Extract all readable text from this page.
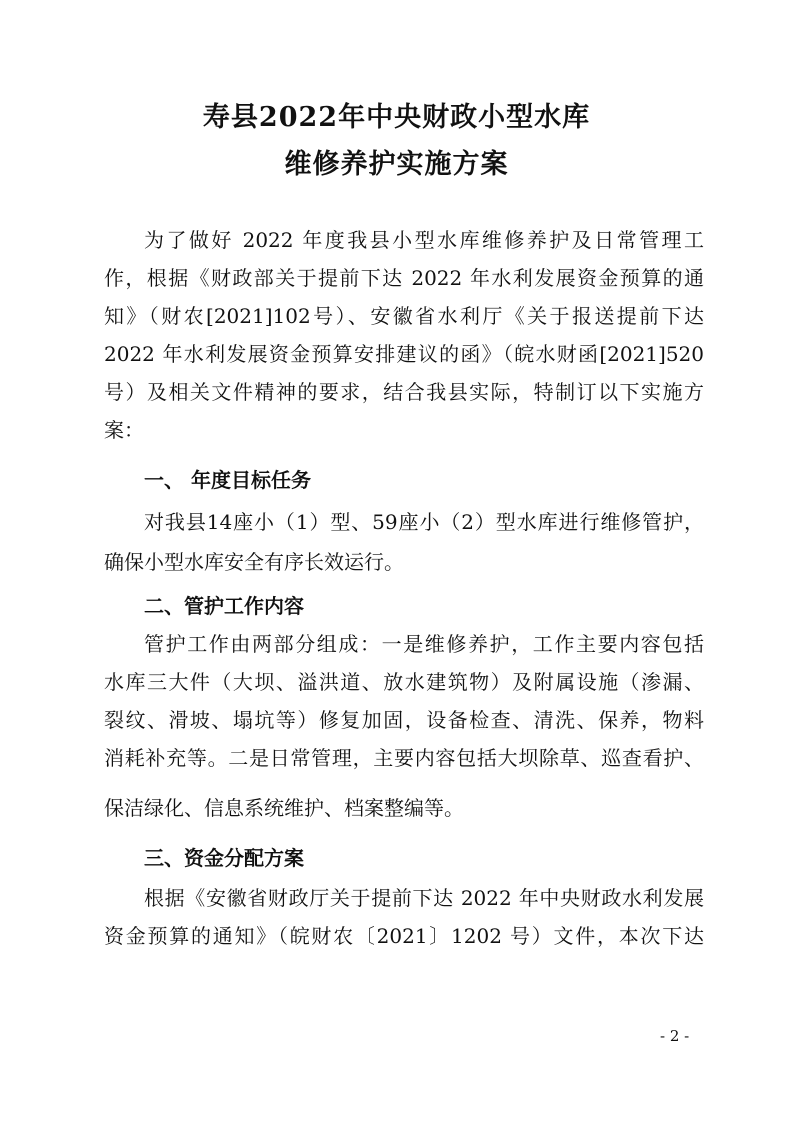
寿县2022年中央财政小型水库
维修养护实施方案
为了做好 2022 年度我县小型水库维修养护及日常管理工
作，根据《财政部关于提前下达 2022 年水利发展资金预算的通
知》（财农[2021]102号）、安徽省水利厅《关于报送提前下达
2022 年水利发展资金预算安排建议的函》（皖水财函[2021]520
号）及相关文件精神的要求，结合我县实际，特制订以下实施方
案：
一、 年度目标任务
对我县14座小（1）型、59座小（2）型水库进行维修管护，
确保小型水库安全有序长效运行。
二、管护工作内容
管护工作由两部分组成：一是维修养护，工作主要内容包括
水库三大件（大坝、溢洪道、放水建筑物）及附属设施（渗漏、
裂纹、滑坡、塌坑等）修复加固，设备检查、清洗、保养，物料
消耗补充等。二是日常管理，主要内容包括大坝除草、巡查看护、
保洁绿化、信息系统维护、档案整编等。
三、资金分配方案
根据《安徽省财政厅关于提前下达 2022 年中央财政水利发展
资金预算的通知》（皖财农〔2021〕1202 号）文件，本次下达
- 2 -
